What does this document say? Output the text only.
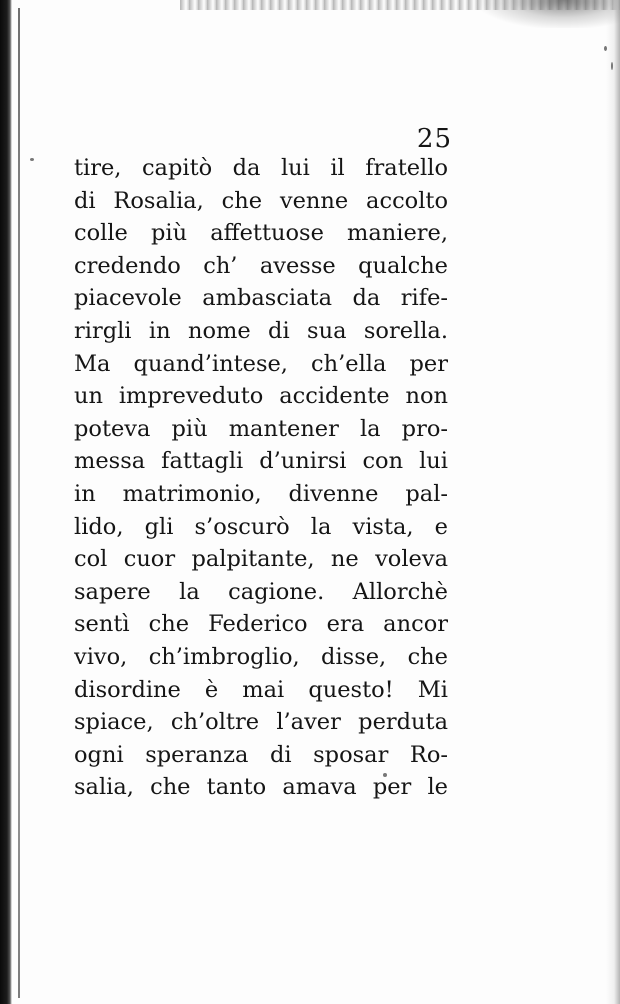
25
tire, capitò da lui il fratello
di Rosalia, che venne accolto
colle più affettuose maniere,
credendo ch’ avesse qualche
piacevole ambasciata da rife-
rirgli in nome di sua sorella.
Ma quand’intese, ch’ella per
un impreveduto accidente non
poteva più mantener la pro-
messa fattagli d’unirsi con lui
in matrimonio, divenne pal-
lido, gli s’oscurò la vista, e
col cuor palpitante, ne voleva
sapere la cagione. Allorchè
sentì che Federico era ancor
vivo, ch’imbroglio, disse, che
disordine è mai questo! Mi
spiace, ch’oltre l’aver perduta
ogni speranza di sposar Ro-
salia, che tanto amava per le
